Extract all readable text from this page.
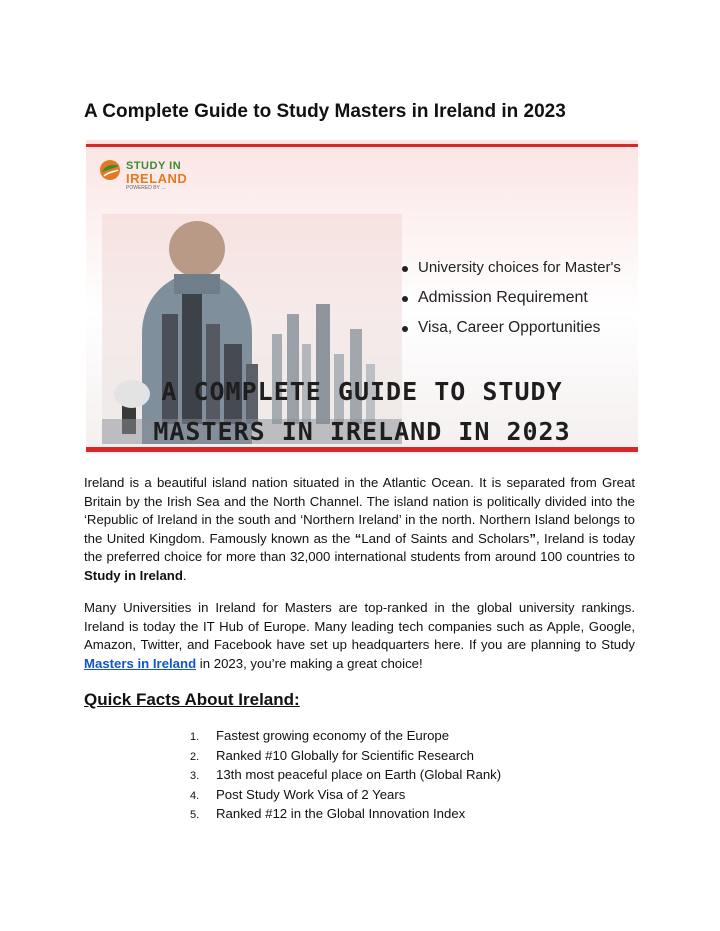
A Complete Guide to Study Masters in Ireland in 2023
STUDY IN
IRELAND
POWERED BY ...
University choices for Master's
Admission Requirement
Visa, Career Opportunities
A COMPLETE GUIDE TO STUDY
MASTERS IN IRELAND IN 2023

Ireland is a beautiful island nation situated in the Atlantic Ocean. It is separated from Great Britain by the Irish Sea and the North Channel. The island nation is politically divided into the ‘Republic of Ireland in the south and ‘Northern Ireland’ in the north. Northern Island belongs to the United Kingdom. Famously known as the “Land of Saints and Scholars”, Ireland is today the preferred choice for more than 32,000 international students from around 100 countries to Study in Ireland.

Many Universities in Ireland for Masters are top-ranked in the global university rankings. Ireland is today the IT Hub of Europe. Many leading tech companies such as Apple, Google, Amazon, Twitter, and Facebook have set up headquarters here. If you are planning to Study Masters in Ireland in 2023, you’re making a great choice!

Quick Facts About Ireland:
1. Fastest growing economy of the Europe
2. Ranked #10 Globally for Scientific Research
3. 13th most peaceful place on Earth (Global Rank)
4. Post Study Work Visa of 2 Years
5. Ranked #12 in the Global Innovation Index
